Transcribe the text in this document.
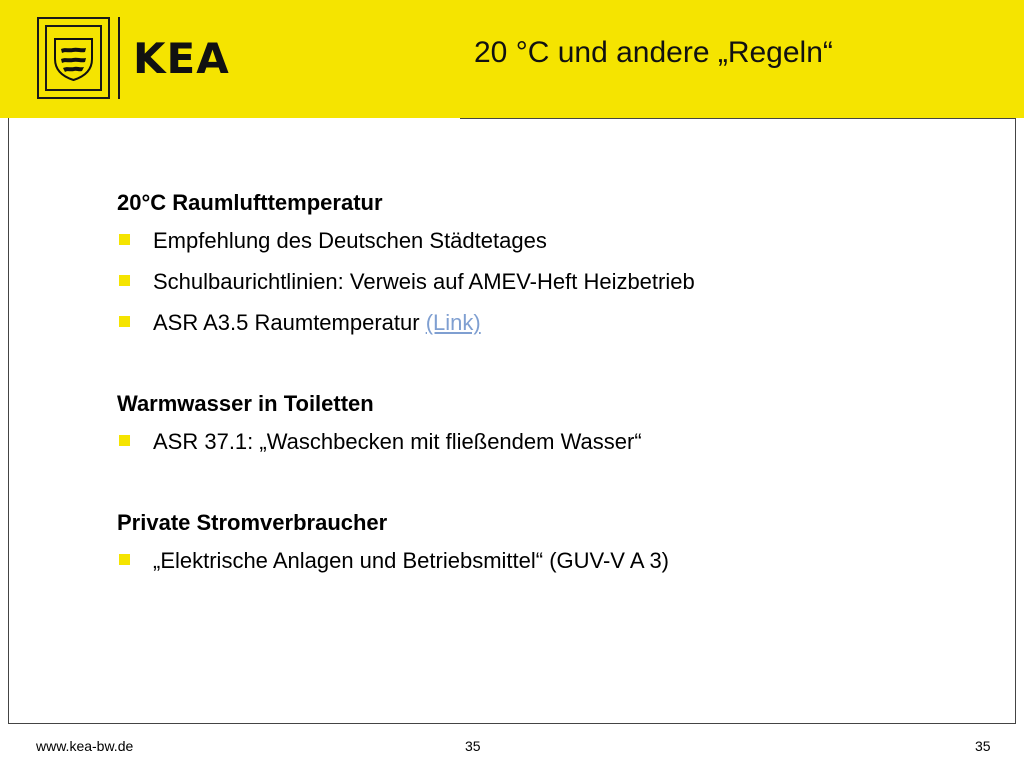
KEA	20 °C und andere „Regeln“
20°C Raumlufttemperatur
Empfehlung des Deutschen Städtetages
Schulbaurichtlinien: Verweis auf AMEV-Heft Heizbetrieb
ASR A3.5 Raumtemperatur (Link)
Warmwasser in Toiletten
ASR 37.1: „Waschbecken mit fließendem Wasser“
Private Stromverbraucher
„Elektrische Anlagen und Betriebsmittel“ (GUV-V A 3)
www.kea-bw.de	35	35
